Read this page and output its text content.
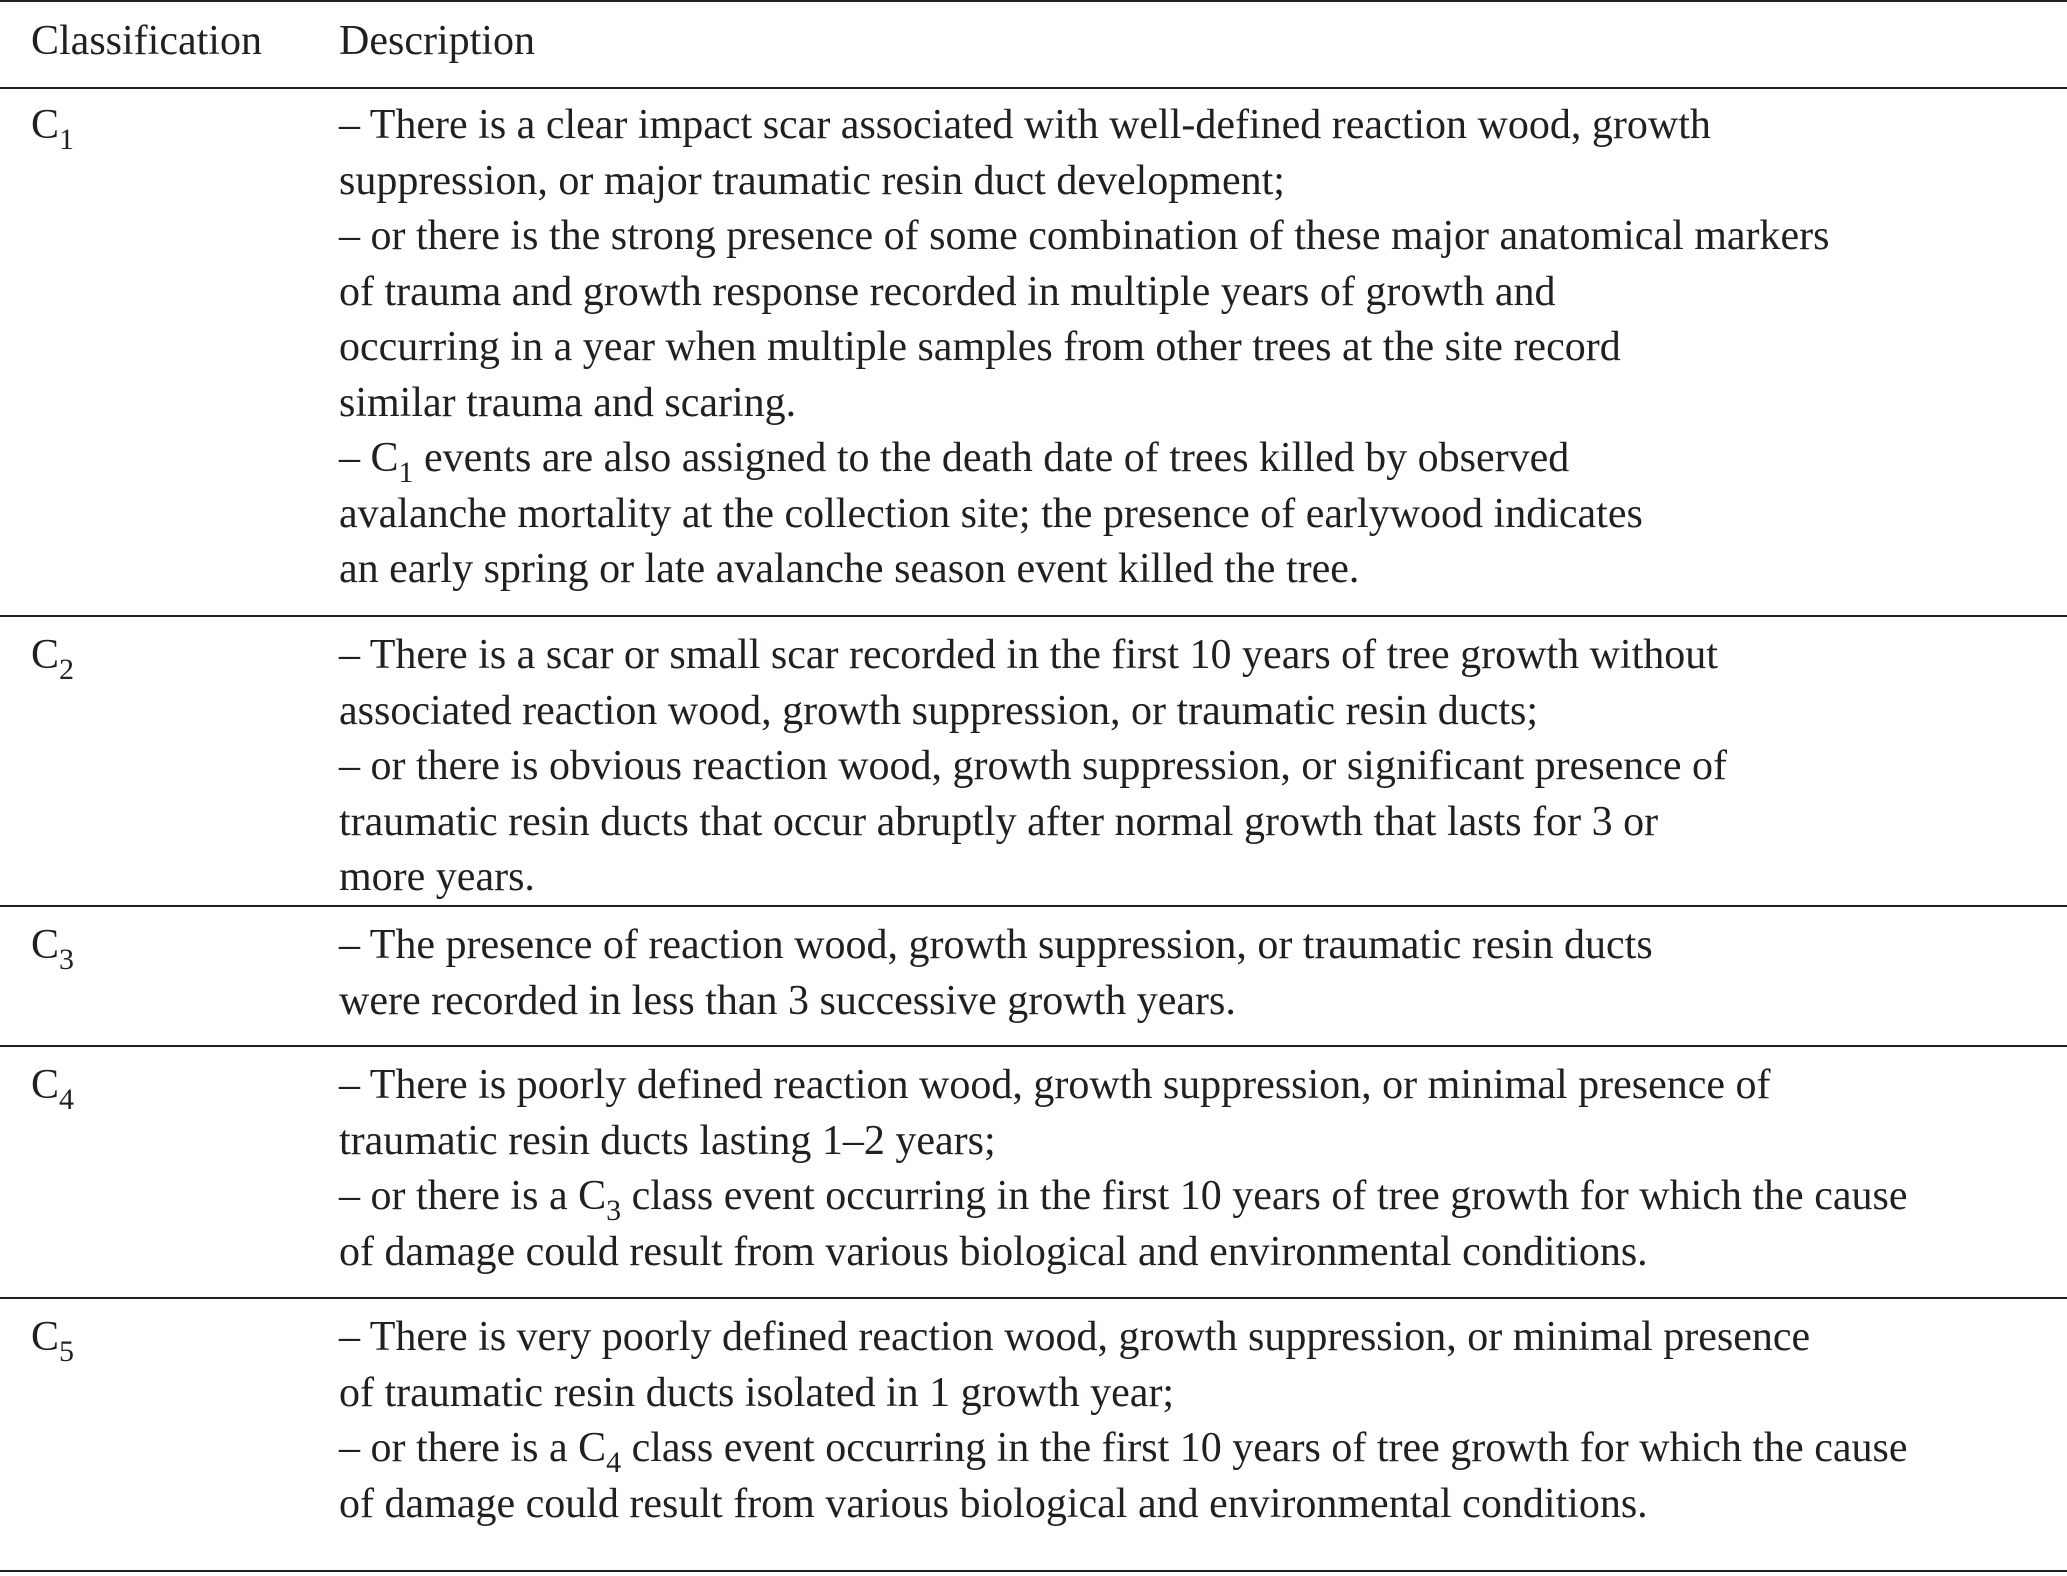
Classification Description
$C_1$	– There is a clear impact scar associated with well-defined reaction wood, growth
suppression, or major traumatic resin duct development;
– or there is the strong presence of some combination of these major anatomical markers
of trauma and growth response recorded in multiple years of growth and
occurring in a year when multiple samples from other trees at the site record
similar trauma and scaring.
– $C_1$ events are also assigned to the death date of trees killed by observed
avalanche mortality at the collection site; the presence of earlywood indicates
an early spring or late avalanche season event killed the tree.
$C_2$	– There is a scar or small scar recorded in the first 10 years of tree growth without
associated reaction wood, growth suppression, or traumatic resin ducts;
– or there is obvious reaction wood, growth suppression, or significant presence of
traumatic resin ducts that occur abruptly after normal growth that lasts for 3 or
more years.
$C_3$	– The presence of reaction wood, growth suppression, or traumatic resin ducts
were recorded in less than 3 successive growth years.
$C_4$	– There is poorly defined reaction wood, growth suppression, or minimal presence of
traumatic resin ducts lasting 1–2 years;
– or there is a $C_3$ class event occurring in the first 10 years of tree growth for which the cause
of damage could result from various biological and environmental conditions.
$C_5$	– There is very poorly defined reaction wood, growth suppression, or minimal presence
of traumatic resin ducts isolated in 1 growth year;
– or there is a $C_4$ class event occurring in the first 10 years of tree growth for which the cause
of damage could result from various biological and environmental conditions.
